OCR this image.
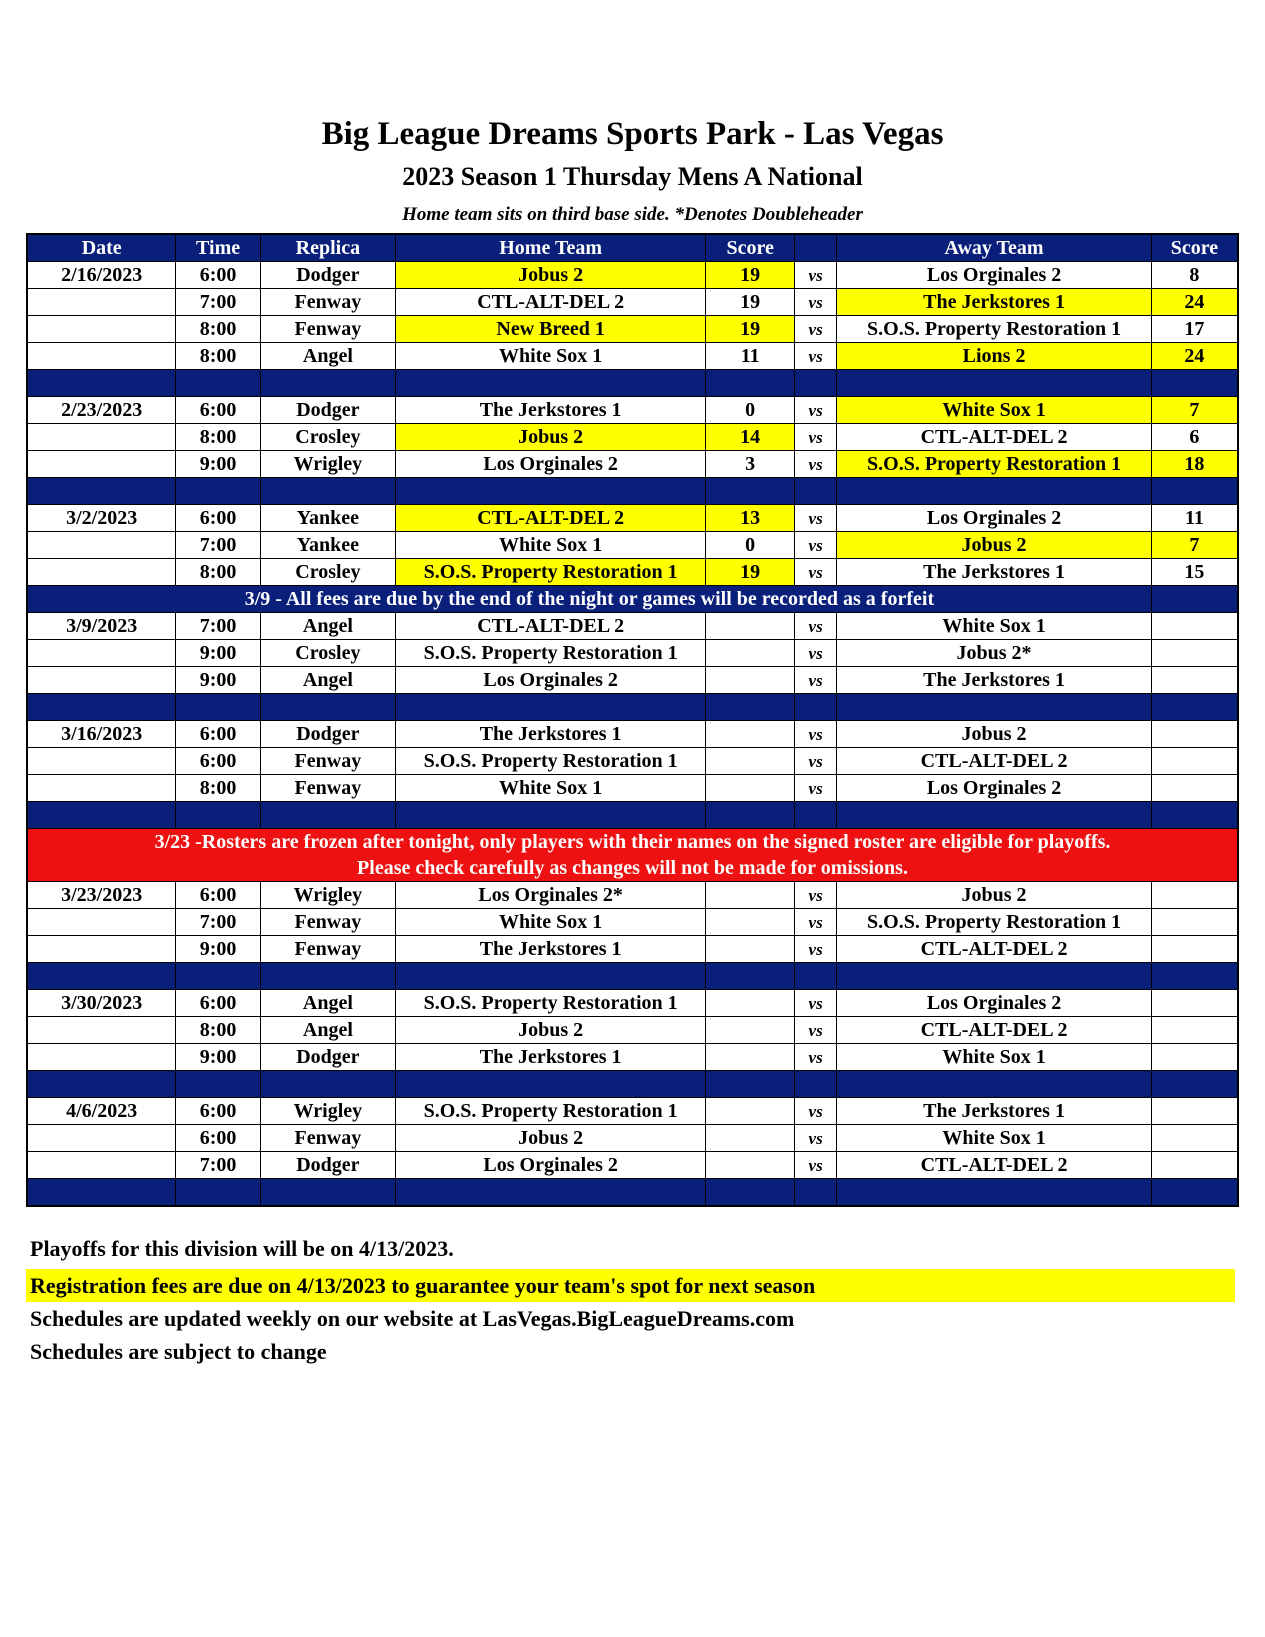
Big League Dreams Sports Park - Las Vegas
2023 Season 1 Thursday Mens A National
Home team sits on third base side. *Denotes Doubleheader
Date	Time	Replica	Home Team	Score		Away Team	Score
2/16/2023	6:00	Dodger	Jobus 2	19	vs	Los Orginales 2	8
	7:00	Fenway	CTL-ALT-DEL 2	19	vs	The Jerkstores 1	24
	8:00	Fenway	New Breed 1	19	vs	S.O.S. Property Restoration 1	17
	8:00	Angel	White Sox 1	11	vs	Lions 2	24

2/23/2023	6:00	Dodger	The Jerkstores 1	0	vs	White Sox 1	7
	8:00	Crosley	Jobus 2	14	vs	CTL-ALT-DEL 2	6
	9:00	Wrigley	Los Orginales 2	3	vs	S.O.S. Property Restoration 1	18

3/2/2023	6:00	Yankee	CTL-ALT-DEL 2	13	vs	Los Orginales 2	11
	7:00	Yankee	White Sox 1	0	vs	Jobus 2	7
	8:00	Crosley	S.O.S. Property Restoration 1	19	vs	The Jerkstores 1	15
3/9 - All fees are due by the end of the night or games will be recorded as a forfeit							
3/9/2023	7:00	Angel	CTL-ALT-DEL 2		vs	White Sox 1	
	9:00	Crosley	S.O.S. Property Restoration 1		vs	Jobus 2*	
	9:00	Angel	Los Orginales 2		vs	The Jerkstores 1	

3/16/2023	6:00	Dodger	The Jerkstores 1		vs	Jobus 2	
	6:00	Fenway	S.O.S. Property Restoration 1		vs	CTL-ALT-DEL 2	
	8:00	Fenway	White Sox 1		vs	Los Orginales 2	

3/23 -Rosters are frozen after tonight, only players with their names on the signed roster are eligible for playoffs.
Please check carefully as changes will not be made for omissions.							

3/23/2023	6:00	Wrigley	Los Orginales 2*		vs	Jobus 2	
	7:00	Fenway	White Sox 1		vs	S.O.S. Property Restoration 1	
	9:00	Fenway	The Jerkstores 1		vs	CTL-ALT-DEL 2	

3/30/2023	6:00	Angel	S.O.S. Property Restoration 1		vs	Los Orginales 2	
	8:00	Angel	Jobus 2		vs	CTL-ALT-DEL 2	
	9:00	Dodger	The Jerkstores 1		vs	White Sox 1	

4/6/2023	6:00	Wrigley	S.O.S. Property Restoration 1		vs	The Jerkstores 1	
	6:00	Fenway	Jobus 2		vs	White Sox 1	
	7:00	Dodger	Los Orginales 2		vs	CTL-ALT-DEL 2	

Playoffs for this division will be on 4/13/2023.
Registration fees are due on 4/13/2023 to guarantee your team's spot for next season
Schedules are updated weekly on our website at LasVegas.BigLeagueDreams.com
Schedules are subject to change
